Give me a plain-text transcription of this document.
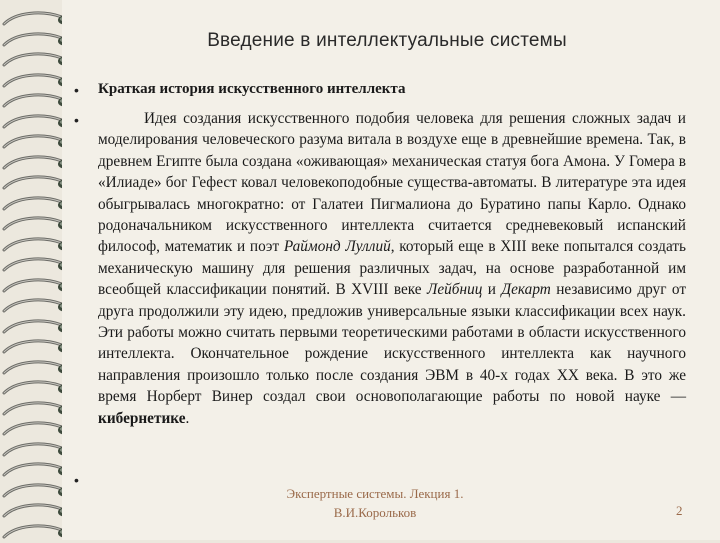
Введение в интеллектуальные системы
•
•
•
Краткая история искусственного интеллекта
Идея создания искусственного подобия человека для решения сложных задач и моделирования человеческого разума витала в воздухе еще в древнейшие времена. Так, в древнем Египте была создана «оживающая» механическая статуя бога Амона. У Гомера в «Илиаде» бог Гефест ковал человекоподобные существа-автоматы. В литературе эта идея обыгрывалась многократно: от Галатеи Пигмалиона до Буратино папы Карло. Однако родоначальником искусственного интеллекта считается средневековый испанский философ, математик и поэт Раймонд Луллий, который еще в XIII веке попытался создать механическую машину для решения различных задач, на основе разработанной им всеобщей классификации понятий. В XVIII веке Лейбниц и Декарт независимо друг от друга продолжили эту идею, предложив универсальные языки классификации всех наук. Эти работы можно считать первыми теоретическими работами в области искусственного интеллекта. Окончательное рождение искусственного интеллекта как научного направления произошло только после создания ЭВМ в 40-х годах XX века. В это же время Норберт Винер создал свои основополагающие работы по новой науке — кибернетике.
Экспертные системы. Лекция 1.
В.И.Корольков	2
